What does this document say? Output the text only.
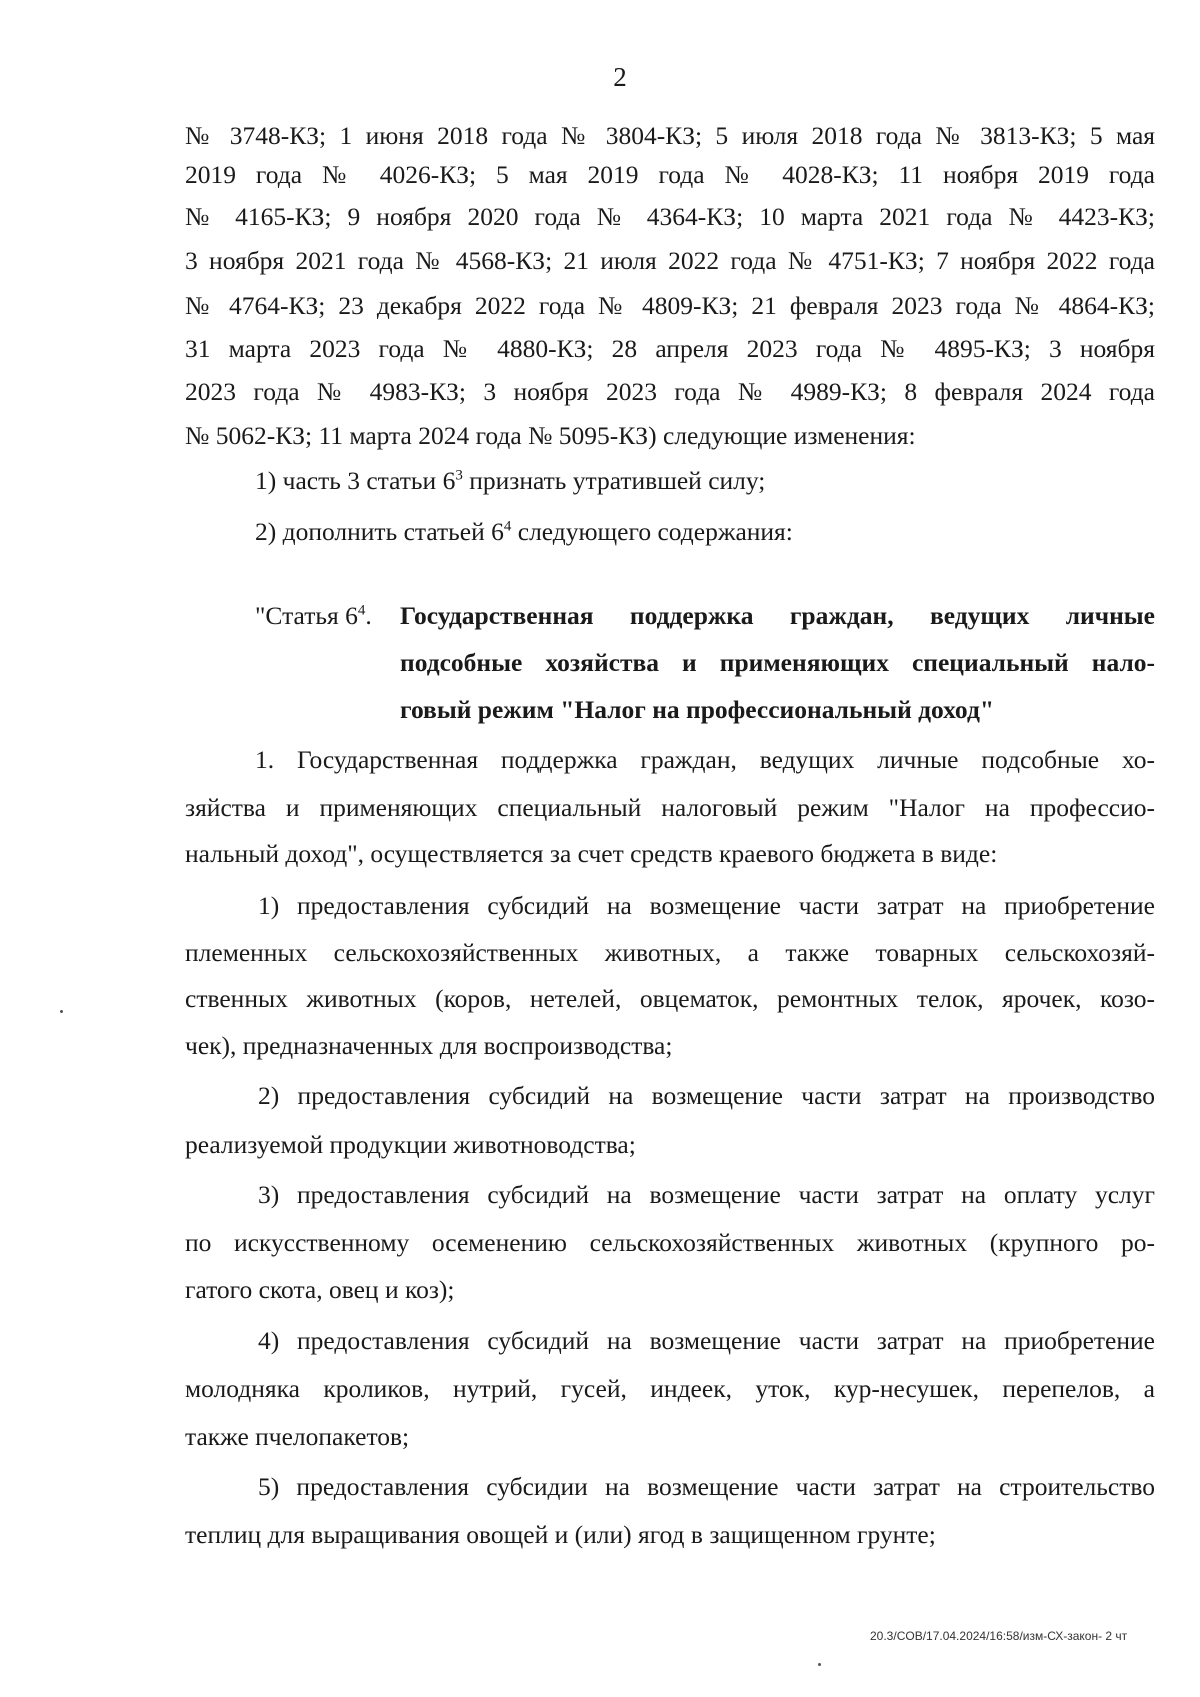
2
№ 3748-КЗ; 1 июня 2018 года № 3804-КЗ; 5 июля 2018 года № 3813-КЗ; 5 мая
2019 года № 4026-КЗ; 5 мая 2019 года № 4028-КЗ; 11 ноября 2019 года
№ 4165-КЗ; 9 ноября 2020 года № 4364-КЗ; 10 марта 2021 года № 4423-КЗ;
3 ноября 2021 года № 4568-КЗ; 21 июля 2022 года № 4751-КЗ; 7 ноября 2022 года
№ 4764-КЗ; 23 декабря 2022 года № 4809-КЗ; 21 февраля 2023 года № 4864-КЗ;
31 марта 2023 года № 4880-КЗ; 28 апреля 2023 года № 4895-КЗ; 3 ноября
2023 года № 4983-КЗ; 3 ноября 2023 года № 4989-КЗ; 8 февраля 2024 года
№ 5062-КЗ; 11 марта 2024 года № 5095-КЗ) следующие изменения:
1) часть 3 статьи $6^3$ признать утратившей силу;
2) дополнить статьей $6^4$ следующего содержания:
"Статья $6^4$. Государственная поддержка граждан, ведущих личные
подсобные хозяйства и применяющих специальный нало-
говый режим "Налог на профессиональный доход"
1. Государственная поддержка граждан, ведущих личные подсобные хо-
зяйства и применяющих специальный налоговый режим "Налог на профессио-
нальный доход", осуществляется за счет средств краевого бюджета в виде:
1) предоставления субсидий на возмещение части затрат на приобретение
племенных сельскохозяйственных животных, а также товарных сельскохозяй-
ственных животных (коров, нетелей, овцематок, ремонтных телок, ярочек, козо-
чек), предназначенных для воспроизводства;
2) предоставления субсидий на возмещение части затрат на производство
реализуемой продукции животноводства;
3) предоставления субсидий на возмещение части затрат на оплату услуг
по искусственному осеменению сельскохозяйственных животных (крупного ро-
гатого скота, овец и коз);
4) предоставления субсидий на возмещение части затрат на приобретение
молодняка кроликов, нутрий, гусей, индеек, уток, кур-несушек, перепелов, а
также пчелопакетов;
5) предоставления субсидии на возмещение части затрат на строительство
теплиц для выращивания овощей и (или) ягод в защищенном грунте;
20.3/COB/17.04.2024/16:58/изм-СХ-закон- 2 чт
